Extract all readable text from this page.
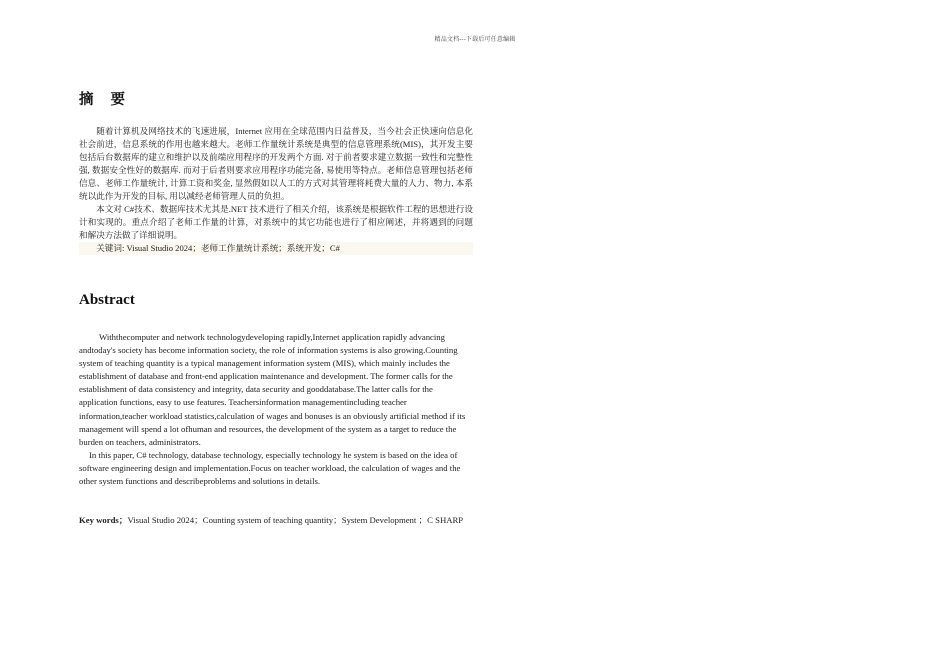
精品文档---下载后可任意编辑
摘 要

随着计算机及网络技术的飞速进展，Internet 应用在全球范围内日益普及，当今社会正快速向信息化社会前进，信息系统的作用也越来越大。老师工作量统计系统是典型的信息管理系统(MIS)，其开发主要包括后台数据库的建立和维护以及前端应用程序的开发两个方面. 对于前者要求建立数据一致性和完整性强, 数据安全性好的数据库. 而对于后者则要求应用程序功能完备, 易使用等特点。老师信息管理包括老师信息、老师工作量统计, 计算工资和奖金, 显然假如以人工的方式对其管理将耗费大量的人力、物力, 本系统以此作为开发的目标, 用以减经老师管理人员的负担。

本文对 C#技术、数据库技术尤其是.NET 技术进行了相关介绍，该系统是根据软件工程的思想进行设计和实现的。重点介绍了老师工作量的计算，对系统中的其它功能也进行了相应阐述，并将遇到的问题和解决方法做了详细说明。

关键词: Visual Studio 2024；老师工作量统计系统；系统开发；C#
Abstract

Withthecomputer and network technologydeveloping rapidly,Internet application rapidly advancing andtoday's society has become information society, the role of information systems is also growing.Counting system of teaching quantity is a typical management information system (MIS), which mainly includes the establishment of database and front-end application maintenance and development. The former calls for the establishment of data consistency and integrity, data security and gooddatabase.The latter calls for the application functions, easy to use features. Teachersinformation managementincluding teacher information,teacher workload statistics,calculation of wages and bonuses is an obviously artificial method if its management will spend a lot ofhuman and resources, the development of the system as a target to reduce the burden on teachers, administrators.

In this paper, C# technology, database technology, especially technology he system is based on the idea of software engineering design and implementation.Focus on teacher workload, the calculation of wages and the other system functions and describeproblems and solutions in details.

Key words；Visual Studio 2024；Counting system of teaching quantity；System Development ；C SHARP
